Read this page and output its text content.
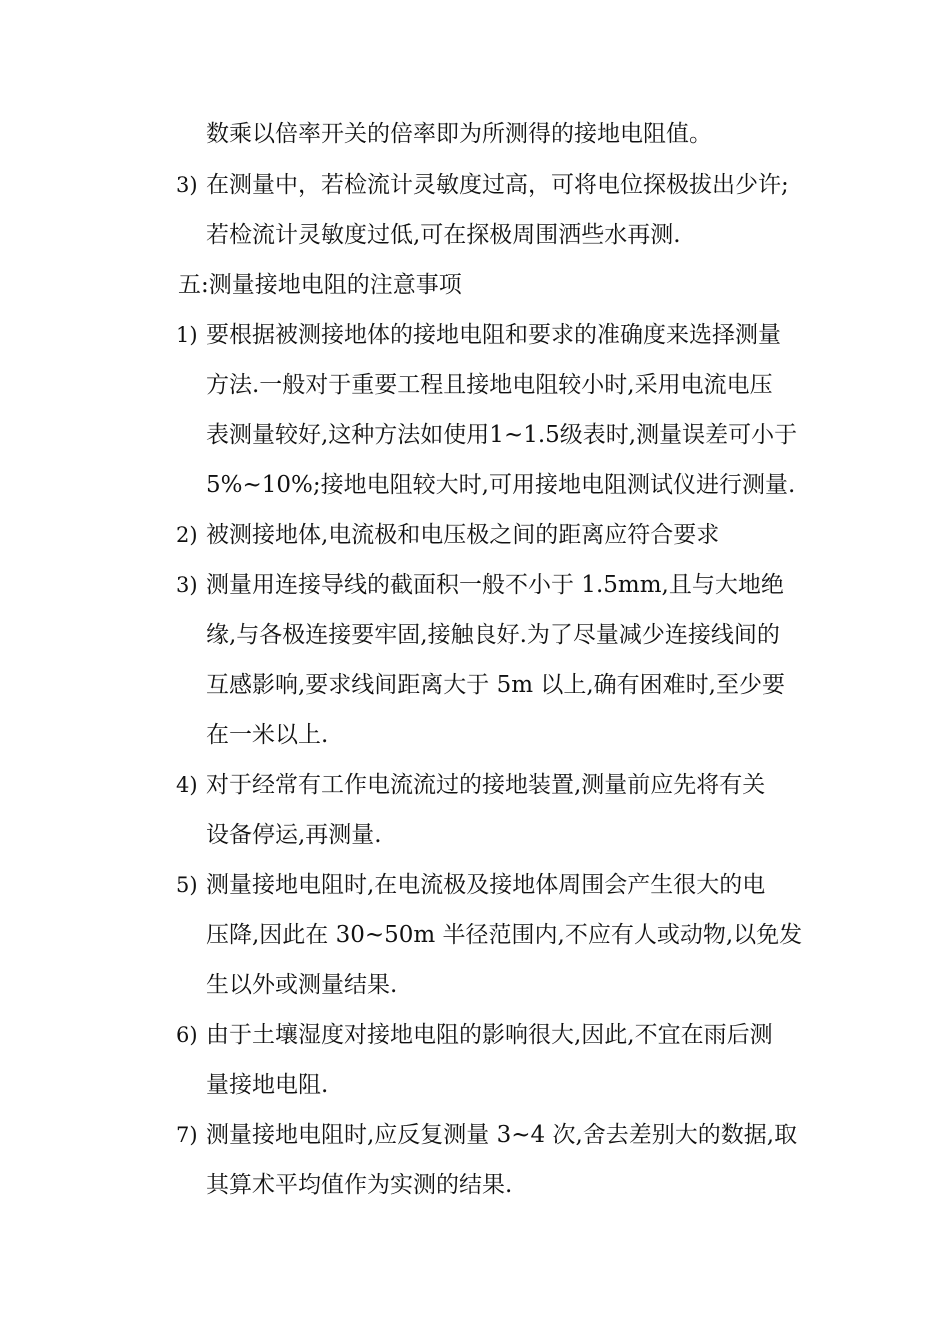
数乘以倍率开关的倍率即为所测得的接地电阻值。
3) 在测量中，若检流计灵敏度过高，可将电位探极拔出少许;
若检流计灵敏度过低,可在探极周围洒些水再测.
五:测量接地电阻的注意事项
1) 要根据被测接地体的接地电阻和要求的准确度来选择测量
方法.一般对于重要工程且接地电阻较小时,采用电流电压
表测量较好,这种方法如使用1~1.5级表时,测量误差可小于
5%~10%;接地电阻较大时,可用接地电阻测试仪进行测量.
2) 被测接地体,电流极和电压极之间的距离应符合要求
3) 测量用连接导线的截面积一般不小于 1.5mm,且与大地绝
缘,与各极连接要牢固,接触良好.为了尽量减少连接线间的
互感影响,要求线间距离大于 5m 以上,确有困难时,至少要
在一米以上.
4) 对于经常有工作电流流过的接地装置,测量前应先将有关
设备停运,再测量.
5) 测量接地电阻时,在电流极及接地体周围会产生很大的电
压降,因此在 30~50m 半径范围内,不应有人或动物,以免发
生以外或测量结果.
6) 由于土壤湿度对接地电阻的影响很大,因此,不宜在雨后测
量接地电阻.
7) 测量接地电阻时,应反复测量 3~4 次,舍去差别大的数据,取
其算术平均值作为实测的结果.
